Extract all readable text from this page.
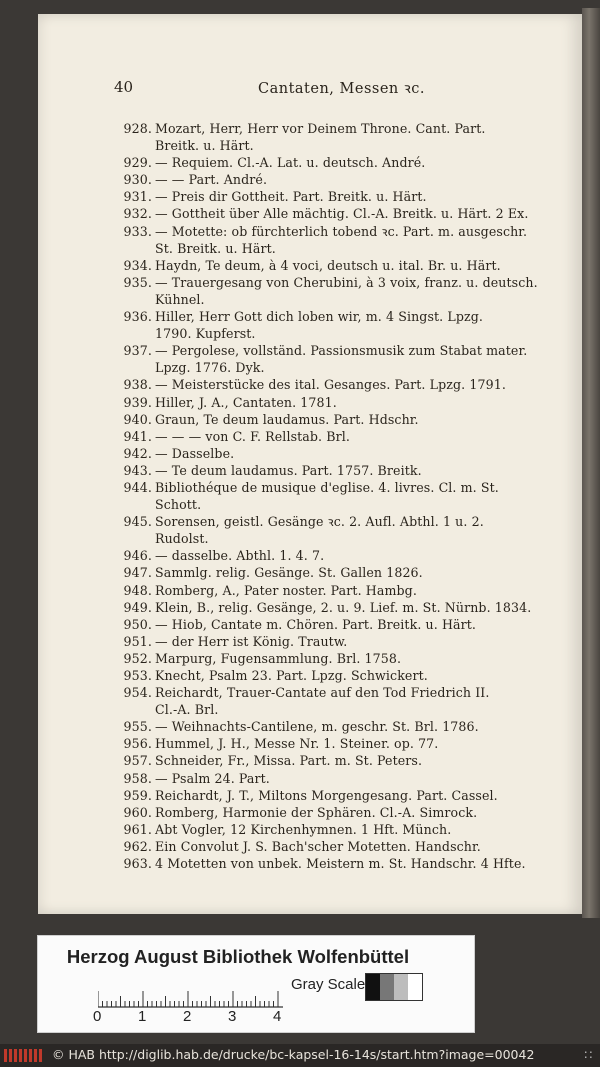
40	Cantaten, Messen ꝛc.
928. Mozart, Herr, Herr vor Deinem Throne. Cant. Part.
Breitk. u. Härt.
929. — Requiem. Cl.-A. Lat. u. deutsch. André.
930. — — Part. André.
931. — Preis dir Gottheit. Part. Breitk. u. Härt.
932. — Gottheit über Alle mächtig. Cl.-A. Breitk. u. Härt. 2 Ex.
933. — Motette: ob fürchterlich tobend ꝛc. Part. m. ausgeschr.
St. Breitk. u. Härt.
934. Haydn, Te deum, à 4 voci, deutsch u. ital. Br. u. Härt.
935. — Trauergesang von Cherubini, à 3 voix, franz. u. deutsch.
Kühnel.
936. Hiller, Herr Gott dich loben wir, m. 4 Singst. Lpzg.
1790. Kupferst.
937. — Pergolese, vollständ. Passionsmusik zum Stabat mater.
Lpzg. 1776. Dyk.
938. — Meisterstücke des ital. Gesanges. Part. Lpzg. 1791.
939. Hiller, J. A., Cantaten. 1781.
940. Graun, Te deum laudamus. Part. Hdschr.
941. — — — von C. F. Rellstab. Brl.
942. — Dasselbe.
943. — Te deum laudamus. Part. 1757. Breitk.
944. Bibliothéque de musique d'eglise. 4. livres. Cl. m. St.
Schott.
945. Sorensen, geistl. Gesänge ꝛc. 2. Aufl. Abthl. 1 u. 2.
Rudolst.
946. — dasselbe. Abthl. 1. 4. 7.
947. Sammlg. relig. Gesänge. St. Gallen 1826.
948. Romberg, A., Pater noster. Part. Hambg.
949. Klein, B., relig. Gesänge, 2. u. 9. Lief. m. St. Nürnb. 1834.
950. — Hiob, Cantate m. Chören. Part. Breitk. u. Härt.
951. — der Herr ist König. Trautw.
952. Marpurg, Fugensammlung. Brl. 1758.
953. Knecht, Psalm 23. Part. Lpzg. Schwickert.
954. Reichardt, Trauer-Cantate auf den Tod Friedrich II.
Cl.-A. Brl.
955. — Weihnachts-Cantilene, m. geschr. St. Brl. 1786.
956. Hummel, J. H., Messe Nr. 1. Steiner. op. 77.
957. Schneider, Fr., Missa. Part. m. St. Peters.
958. — Psalm 24. Part.
959. Reichardt, J. T., Miltons Morgengesang. Part. Cassel.
960. Romberg, Harmonie der Sphären. Cl.-A. Simrock.
961. Abt Vogler, 12 Kirchenhymnen. 1 Hft. Münch.
962. Ein Convolut J. S. Bach'scher Motetten. Handschr.
963. 4 Motetten von unbek. Meistern m. St. Handschr. 4 Hfte.
Herzog August Bibliothek Wolfenbüttel
0 1 2 3 4
Gray Scale
© HAB http://diglib.hab.de/drucke/bc-kapsel-16-14s/start.htm?image=00042	::
